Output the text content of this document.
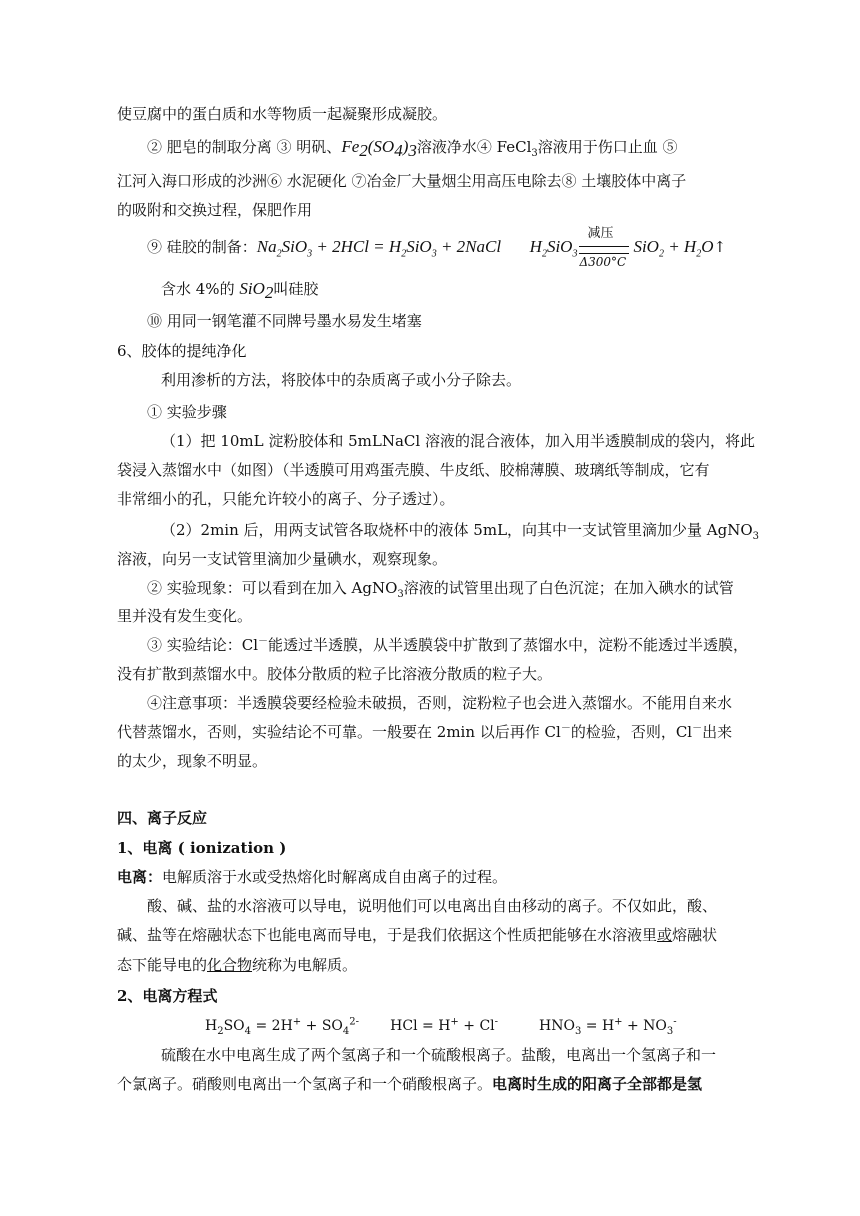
使豆腐中的蛋白质和水等物质一起凝聚形成凝胶。
② 肥皂的制取分离 ③ 明矾、$Fe_2(SO_4)_3$溶液净水④ FeCl$_3$溶液用于伤口止血 ⑤
江河入海口形成的沙洲⑥ 水泥硬化 ⑦冶金厂大量烟尘用高压电除去⑧ 土壤胶体中离子
的吸附和交换过程，保肥作用
⑨ 硅胶的制备：$Na_2SiO_3 + 2HCl = H_2SiO_3$ + 2NaCl $H_2SiO_3$
减压
Δ300°C
$SiO_2 + H_2O↑$
含水 4%的 SiO$_2$叫硅胶
⑩ 用同一钢笔灌不同牌号墨水易发生堵塞
6、胶体的提纯净化
利用渗析的方法，将胶体中的杂质离子或小分子除去。
① 实验步骤
（1）把 10mL 淀粉胶体和 5mLNaCl 溶液的混合液体，加入用半透膜制成的袋内，将此
袋浸入蒸馏水中（如图）（半透膜可用鸡蛋壳膜、牛皮纸、胶棉薄膜、玻璃纸等制成，它有
非常细小的孔，只能允许较小的离子、分子透过）。
（2）2min 后，用两支试管各取烧杯中的液体 5mL，向其中一支试管里滴加少量 AgNO$_3$
溶液，向另一支试管里滴加少量碘水，观察现象。
② 实验现象：可以看到在加入 AgNO$_3$溶液的试管里出现了白色沉淀；在加入碘水的试管
里并没有发生变化。
③ 实验结论：Cl－能透过半透膜，从半透膜袋中扩散到了蒸馏水中，淀粉不能透过半透膜，
没有扩散到蒸馏水中。胶体分散质的粒子比溶液分散质的粒子大。
④注意事项：半透膜袋要经检验未破损，否则，淀粉粒子也会进入蒸馏水。不能用自来水
代替蒸馏水，否则，实验结论不可靠。一般要在 2min 以后再作 Cl－的检验，否则，Cl－出来
的太少，现象不明显。
四、离子反应
1、电离 ( ionization )
电离：电解质溶于水或受热熔化时解离成自由离子的过程。
酸、碱、盐的水溶液可以导电，说明他们可以电离出自由移动的离子。不仅如此，酸、
碱、盐等在熔融状态下也能电离而导电，于是我们依据这个性质把能够在水溶液里或熔融状
态下能导电的化合物统称为电解质。
2、电离方程式
$H_2SO_4 = 2H^+ + SO_4^{2-}$ HCl = H+ + Cl-	$HNO_3 = H^+ + NO_3^-$
硫酸在水中电离生成了两个氢离子和一个硫酸根离子。盐酸，电离出一个氢离子和一
个氯离子。硝酸则电离出一个氢离子和一个硝酸根离子。电离时生成的阳离子全部都是氢
